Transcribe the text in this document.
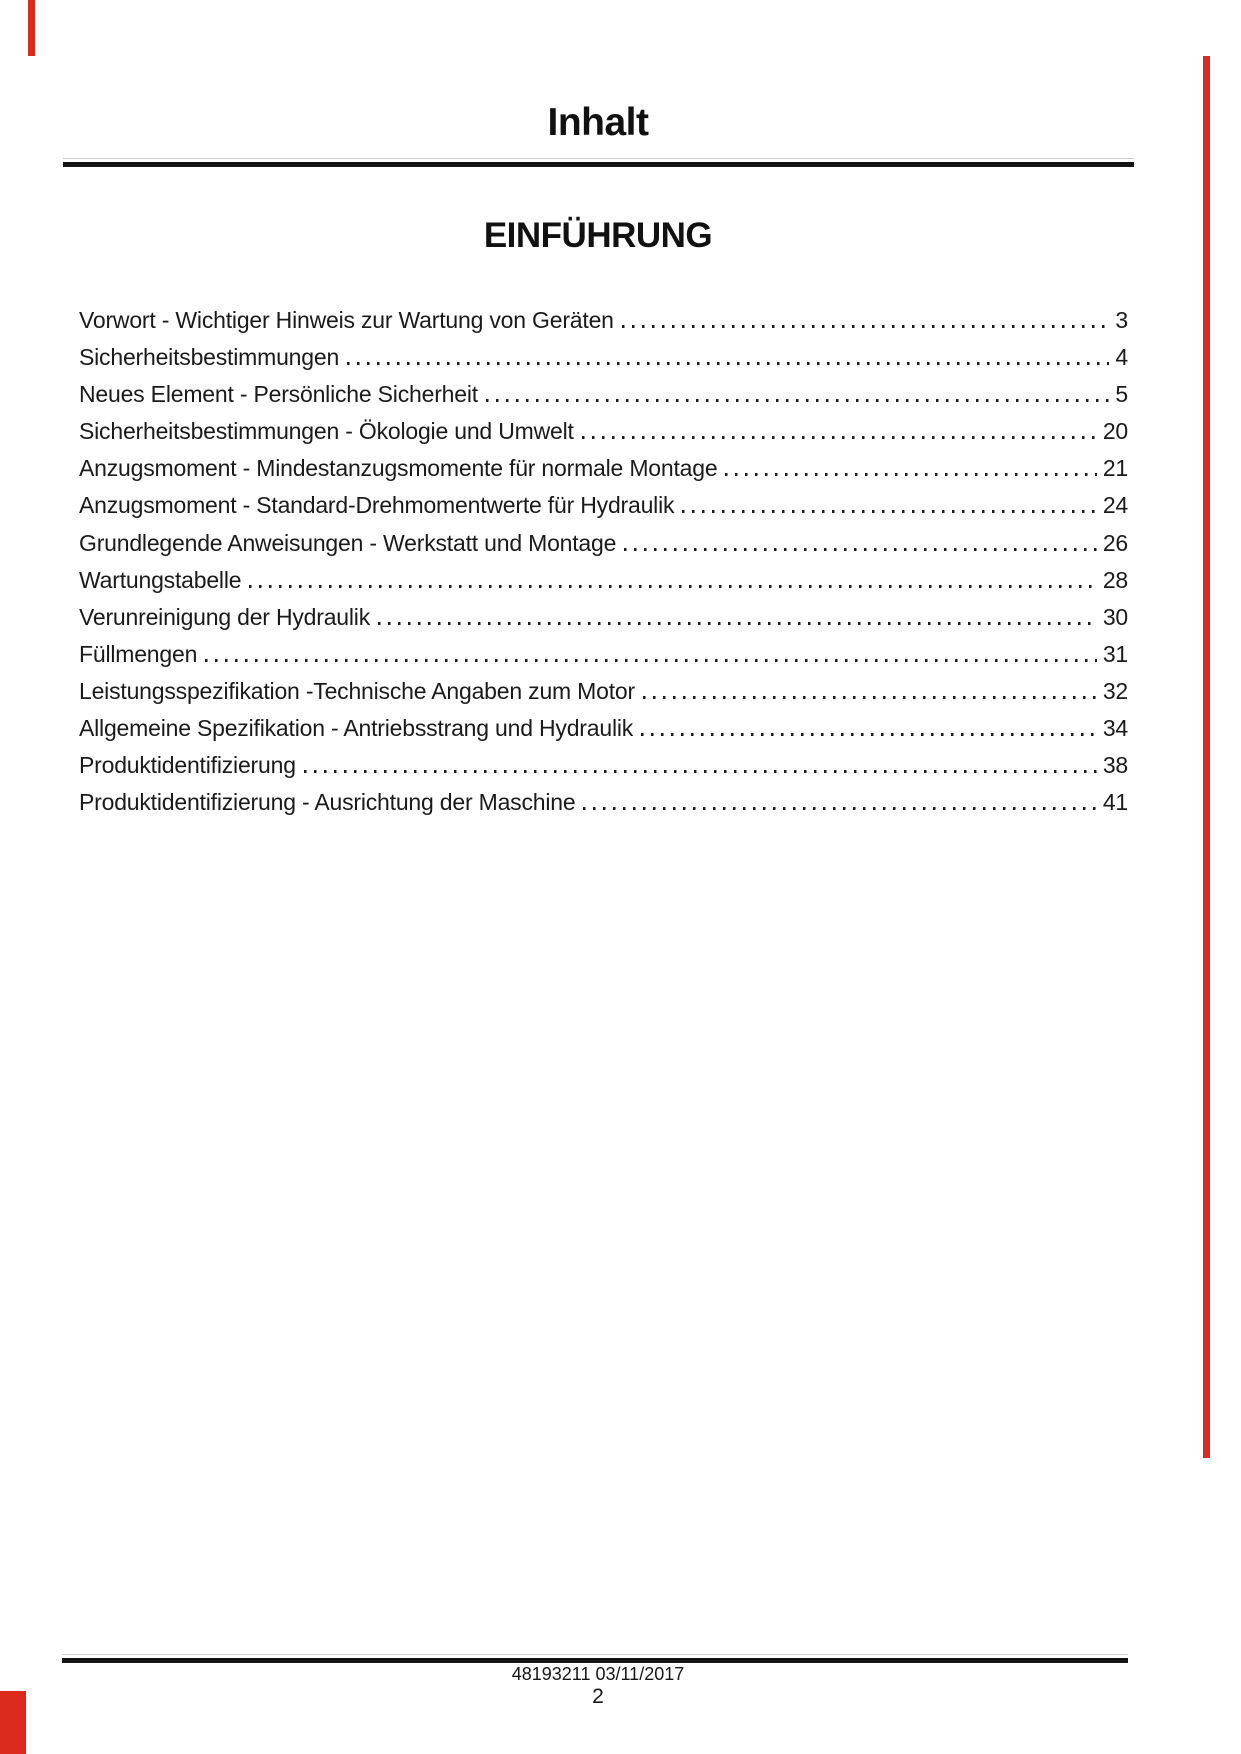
Inhalt
EINFÜHRUNG
Vorwort - Wichtiger Hinweis zur Wartung von Geräten	3
Sicherheitsbestimmungen	4
Neues Element - Persönliche Sicherheit	5
Sicherheitsbestimmungen - Ökologie und Umwelt	20
Anzugsmoment - Mindestanzugsmomente für normale Montage	21
Anzugsmoment - Standard-Drehmomentwerte für Hydraulik	24
Grundlegende Anweisungen - Werkstatt und Montage	26
Wartungstabelle	28
Verunreinigung der Hydraulik	30
Füllmengen	31
Leistungsspezifikation -Technische Angaben zum Motor	32
Allgemeine Spezifikation - Antriebsstrang und Hydraulik	34
Produktidentifizierung	38
Produktidentifizierung - Ausrichtung der Maschine	41
48193211 03/11/2017
2
